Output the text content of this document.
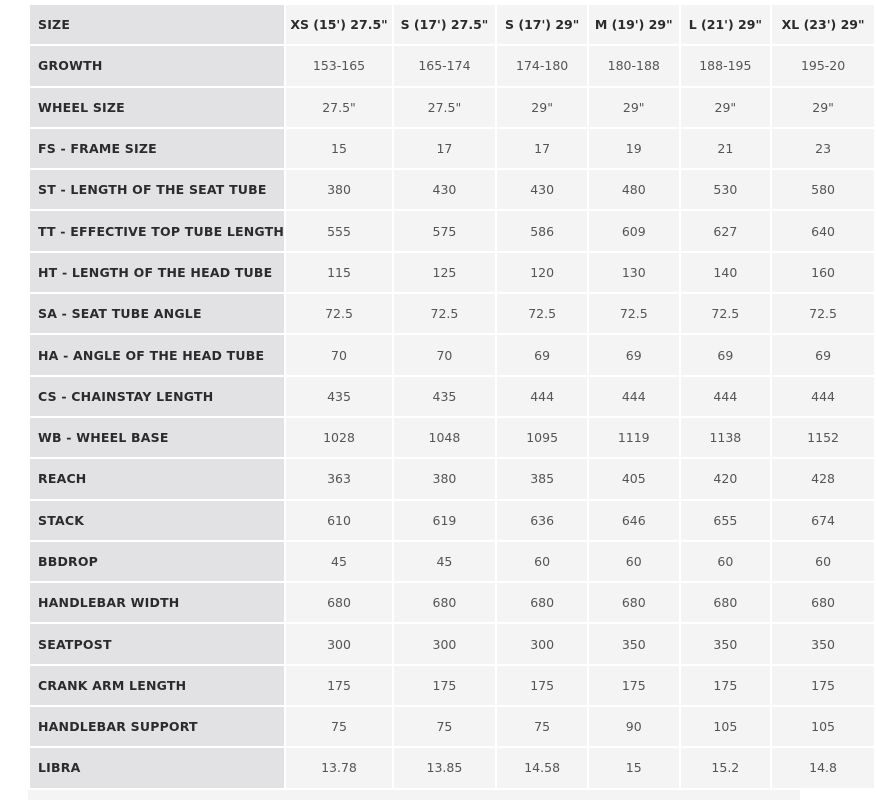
SIZE	XS (15') 27.5"	S (17') 27.5"	S (17') 29"	M (19') 29"	L (21') 29"	XL (23') 29"
GROWTH	153-165	165-174	174-180	180-188	188-195	195-20
WHEEL SIZE	27.5"	27.5"	29"	29"	29"	29"
FS - FRAME SIZE	15	17	17	19	21	23
ST - LENGTH OF THE SEAT TUBE	380	430	430	480	530	580
TT - EFFECTIVE TOP TUBE LENGTH	555	575	586	609	627	640
HT - LENGTH OF THE HEAD TUBE	115	125	120	130	140	160
SA - SEAT TUBE ANGLE	72.5	72.5	72.5	72.5	72.5	72.5
HA - ANGLE OF THE HEAD TUBE	70	70	69	69	69	69
CS - CHAINSTAY LENGTH	435	435	444	444	444	444
WB - WHEEL BASE	1028	1048	1095	1119	1138	1152
REACH	363	380	385	405	420	428
STACK	610	619	636	646	655	674
BBDROP	45	45	60	60	60	60
HANDLEBAR WIDTH	680	680	680	680	680	680
SEATPOST	300	300	300	350	350	350
CRANK ARM LENGTH	175	175	175	175	175	175
HANDLEBAR SUPPORT	75	75	75	90	105	105
LIBRA	13.78	13.85	14.58	15	15.2	14.8
